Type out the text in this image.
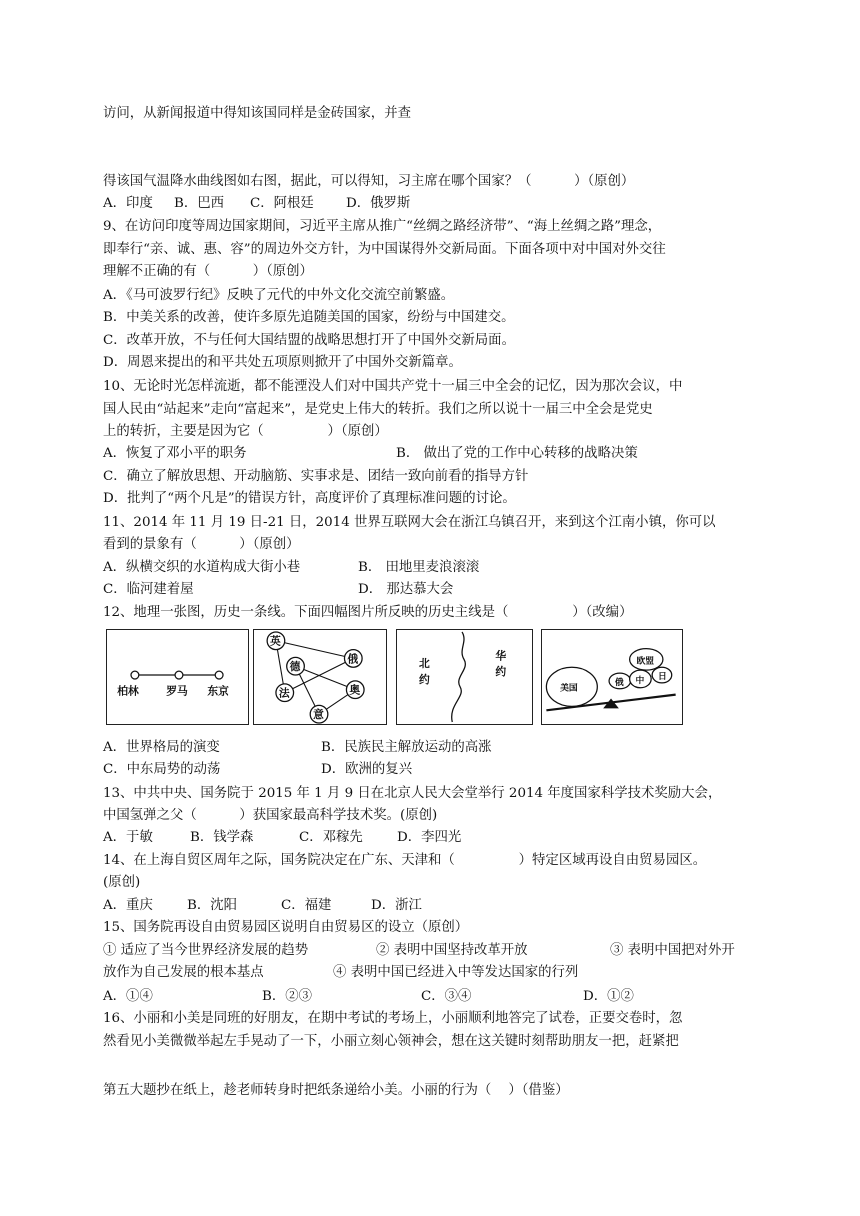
访问，从新闻报道中得知该国同样是金砖国家，并查
得该国气温降水曲线图如右图，据此，可以得知，习主席在哪个国家？（          ）（原创）
A．印度 B．巴西 C．阿根廷 D．俄罗斯
9、在访问印度等周边国家期间，习近平主席从推广“丝绸之路经济带”、“海上丝绸之路”理念，
即奉行“亲、诚、惠、容”的周边外交方针，为中国谋得外交新局面。下面各项中对中国对外交往
理解不正确的有（          ）（原创）
A．《马可波罗行纪》反映了元代的中外文化交流空前繁盛。
B．中美关系的改善，使许多原先追随美国的国家，纷纷与中国建交。
C．改革开放，不与任何大国结盟的战略思想打开了中国外交新局面。
D．周恩来提出的和平共处五项原则掀开了中国外交新篇章。
10、无论时光怎样流逝，都不能湮没人们对中国共产党十一届三中全会的记忆，因为那次会议，中
国人民由“站起来”走向“富起来”，是党史上伟大的转折。我们之所以说十一届三中全会是党史
上的转折，主要是因为它（               ）（原创）
A．恢复了邓小平的职务	B． 做出了党的工作中心转移的战略决策
C．确立了解放思想、开动脑筋、实事求是、团结一致向前看的指导方针
D．批判了“两个凡是”的错误方针，高度评价了真理标准问题的讨论。
11、2014 年 11 月 19 日-21 日，2014 世界互联网大会在浙江乌镇召开，来到这个江南小镇，你可以
看到的景象有（          ）（原创）
A．纵横交织的水道构成大街小巷	B． 田地里麦浪滚滚
C．临河建着屋	D． 那达慕大会
12、地理一张图，历史一条线。下面四幅图片所反映的历史主线是（               ）（改编）
柏林 罗马 东京
英
俄
德
法	奥
意
北
约
华
约
美国
欧盟
俄 中 日
A．世界格局的演变	B．民族民主解放运动的高涨
C．中东局势的动荡	D．欧洲的复兴
13、中共中央、国务院于 2015 年 1 月 9 日在北京人民大会堂举行 2014 年度国家科学技术奖励大会，
中国氢弹之父（          ）获国家最高科学技术奖。(原创)
A．于敏	B．钱学森	C．邓稼先	D．李四光
14、在上海自贸区周年之际，国务院决定在广东、天津和（               ）特定区域再设自由贸易园区。
(原创)
A．重庆	B．沈阳	C．福建	D．浙江
15、国务院再设自由贸易园区说明自由贸易区的设立（原创）
① 适应了当今世界经济发展的趋势	② 表明中国坚持改革开放	③ 表明中国把对外开
放作为自己发展的根本基点	④ 表明中国已经进入中等发达国家的行列
A．①④	B．②③	C．③④	D．①②
16、小丽和小美是同班的好朋友，在期中考试的考场上，小丽顺利地答完了试卷，正要交卷时，忽
然看见小美微微举起左手晃动了一下，小丽立刻心领神会，想在这关键时刻帮助朋友一把，赶紧把
第五大题抄在纸上，趁老师转身时把纸条递给小美。小丽的行为（    ）（借鉴）
